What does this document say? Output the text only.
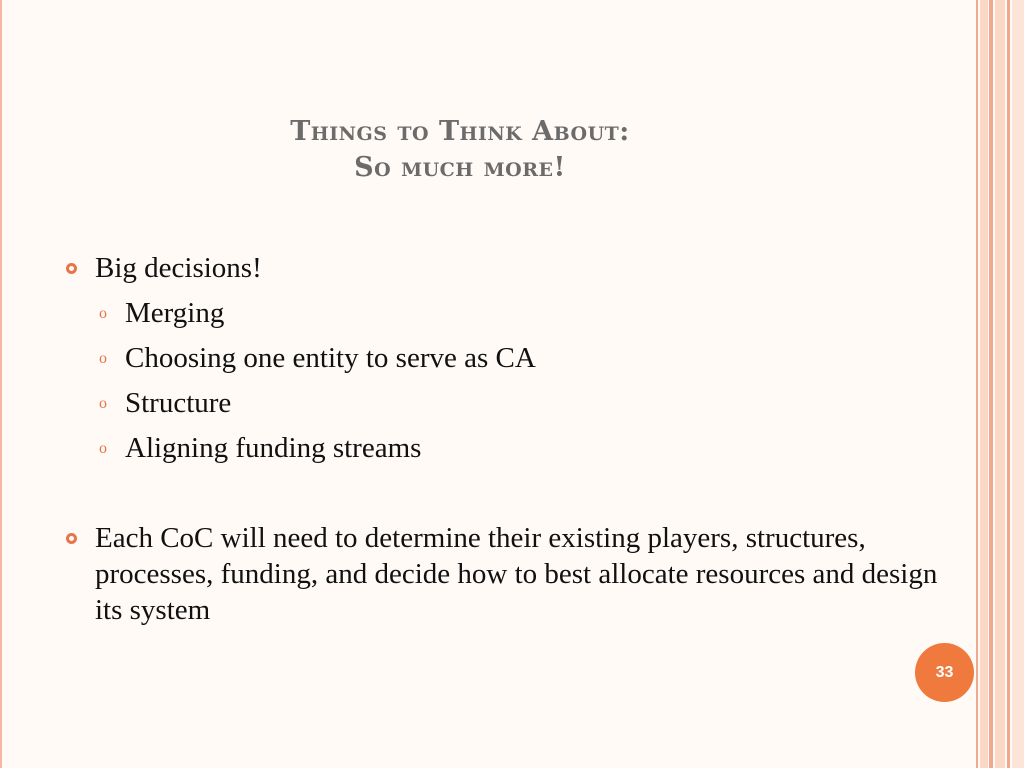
Things to Think About:
So much more!
Big decisions!
o Merging
o Choosing one entity to serve as CA
o Structure
o Aligning funding streams
Each CoC will need to determine their existing players, structures, processes, funding, and decide how to best allocate resources and design its system
33
